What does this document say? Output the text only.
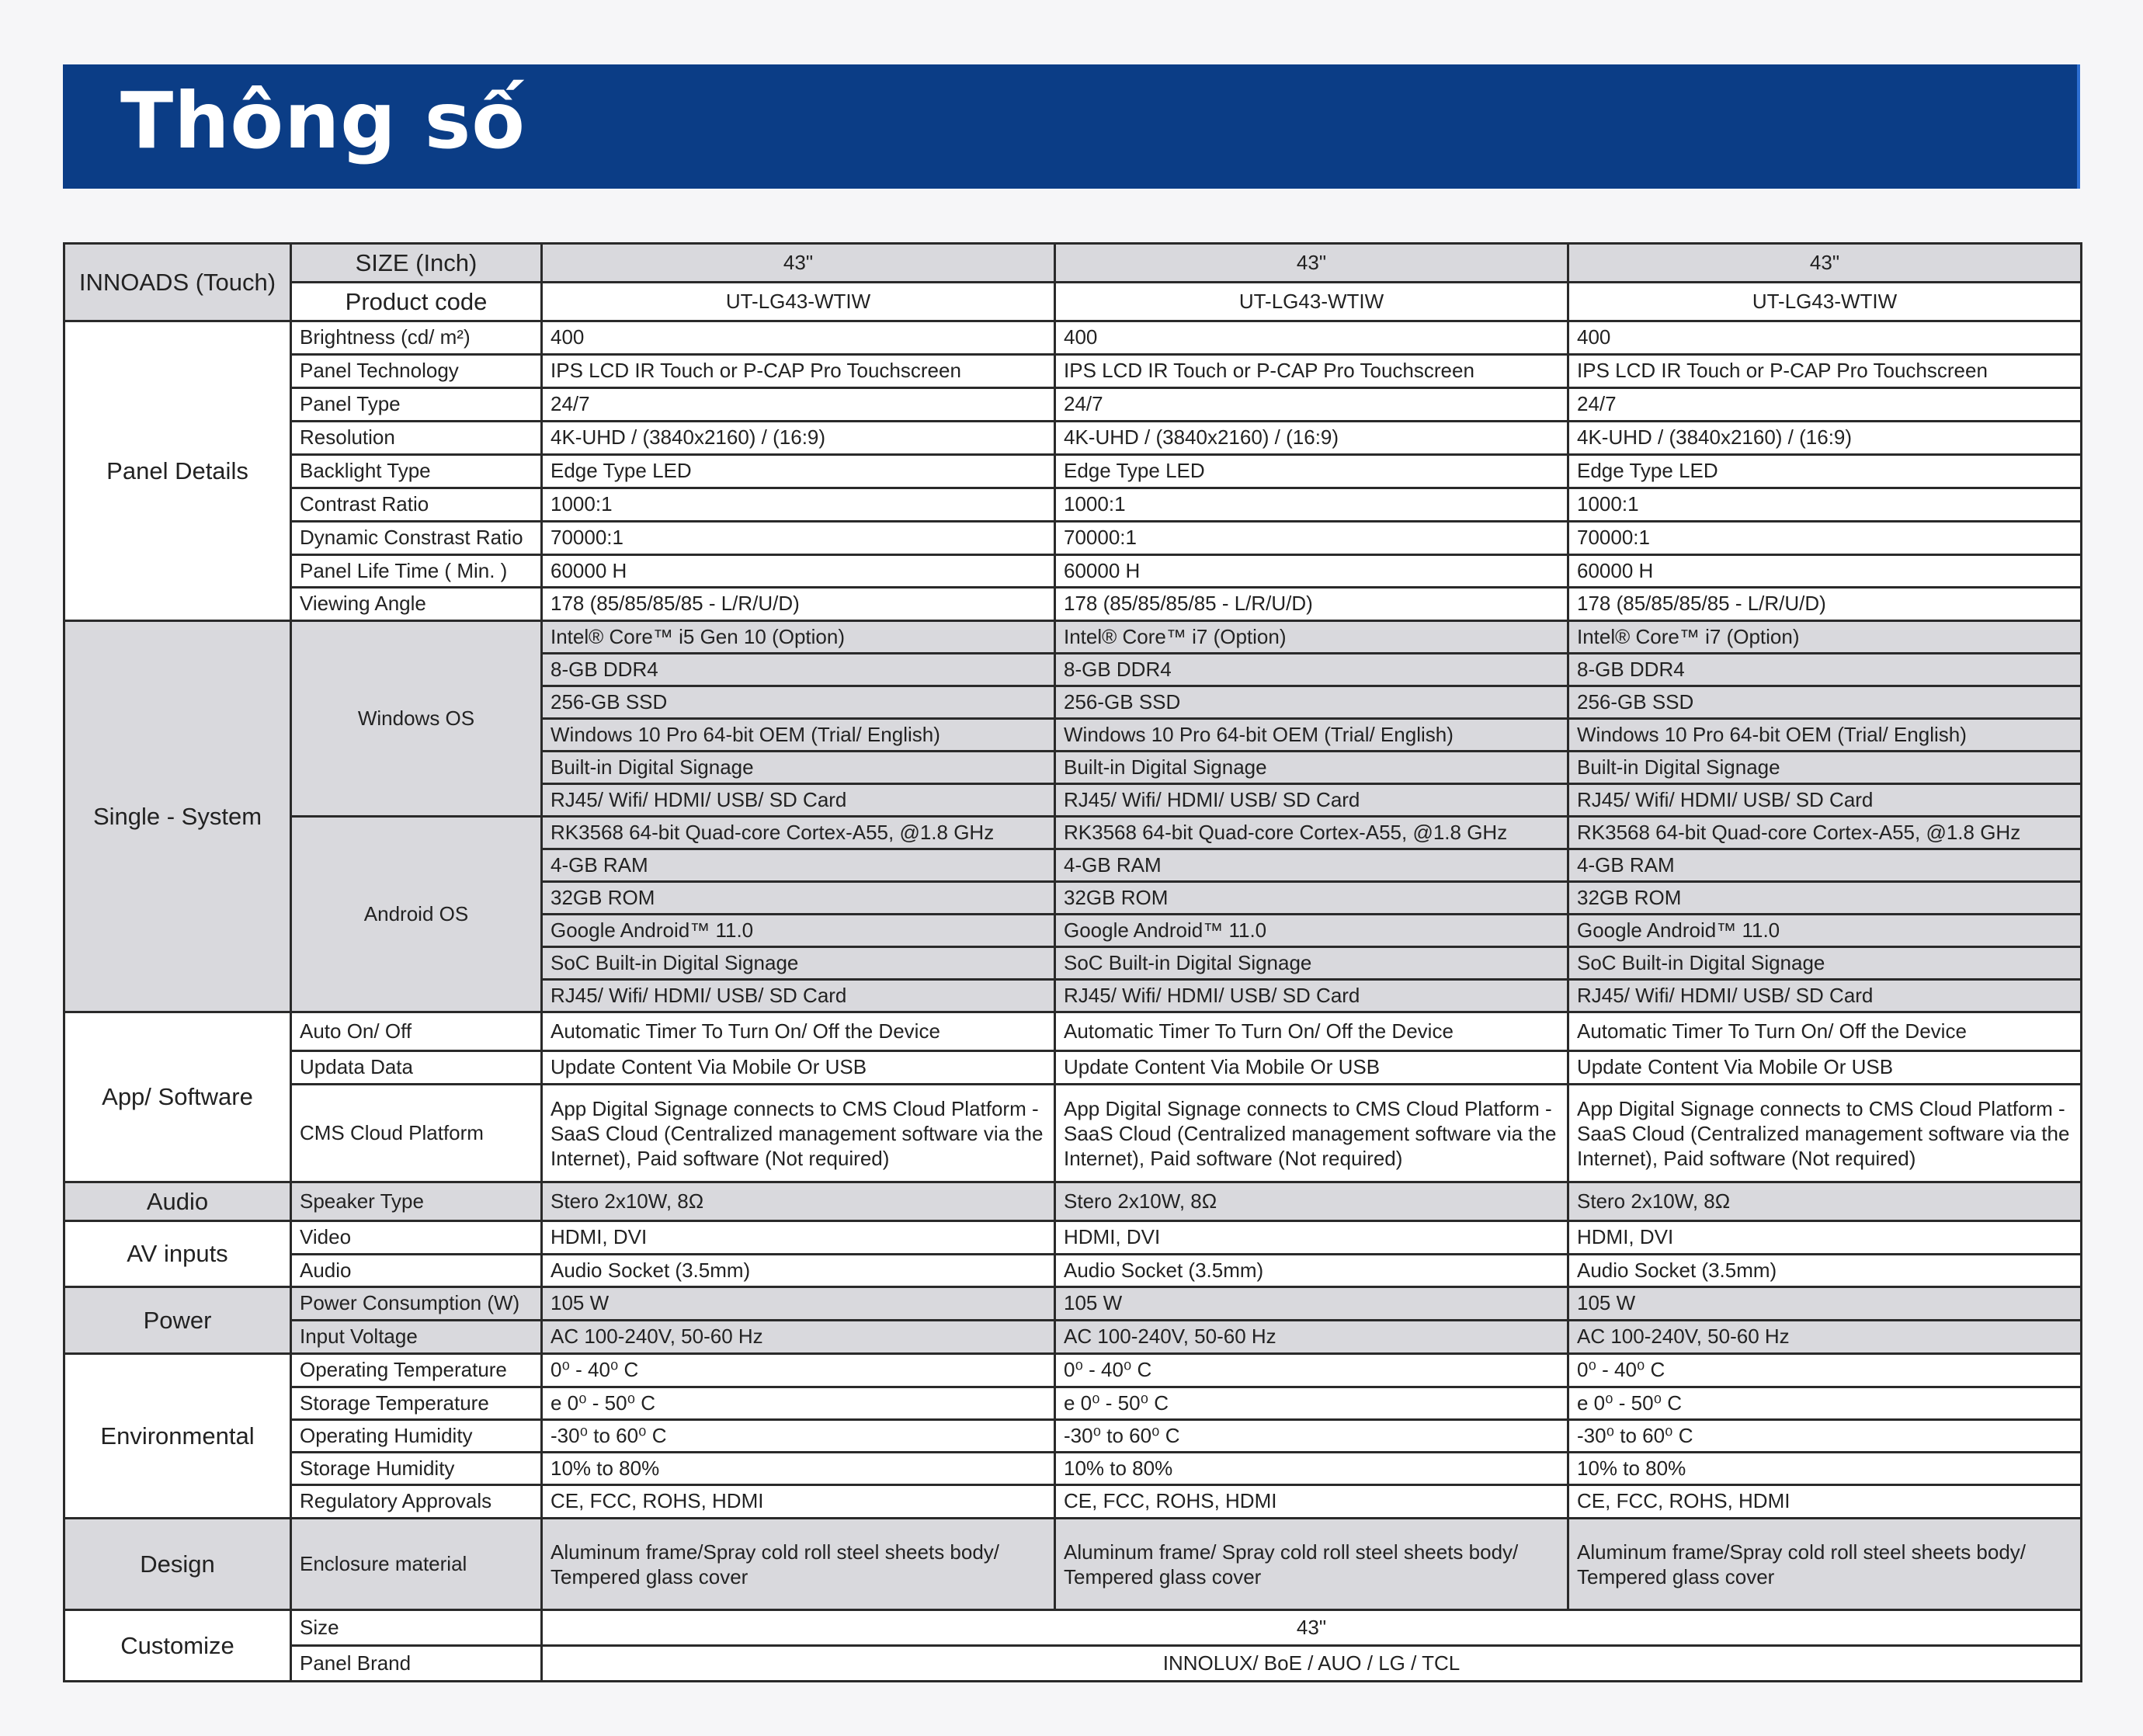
Thông số
INNOADS (Touch)	SIZE (Inch)	43"	43"	43"
	Product code	UT-LG43-WTIW	UT-LG43-WTIW	UT-LG43-WTIW
Panel Details	Brightness (cd/ m²)	400	400	400
	Panel Technology	IPS LCD IR Touch or P-CAP Pro Touchscreen	IPS LCD IR Touch or P-CAP Pro Touchscreen	IPS LCD IR Touch or P-CAP Pro Touchscreen
	Panel Type	24/7	24/7	24/7
	Resolution	4K-UHD / (3840x2160) / (16:9)	4K-UHD / (3840x2160) / (16:9)	4K-UHD / (3840x2160) / (16:9)
	Backlight Type	Edge Type LED	Edge Type LED	Edge Type LED
	Contrast Ratio	1000:1	1000:1	1000:1
	Dynamic Constrast Ratio	70000:1	70000:1	70000:1
	Panel Life Time ( Min. )	60000 H	60000 H	60000 H
	Viewing Angle	178 (85/85/85/85 - L/R/U/D)	178 (85/85/85/85 - L/R/U/D)	178 (85/85/85/85 - L/R/U/D)
Single - System	Windows OS	Intel® Core™ i5 Gen 10 (Option)	Intel® Core™ i7 (Option)	Intel® Core™ i7 (Option)
		8-GB DDR4	8-GB DDR4	8-GB DDR4
		256-GB SSD	256-GB SSD	256-GB SSD
		Windows 10 Pro 64-bit OEM (Trial/ English)	Windows 10 Pro 64-bit OEM (Trial/ English)	Windows 10 Pro 64-bit OEM (Trial/ English)
		Built-in Digital Signage	Built-in Digital Signage	Built-in Digital Signage
		RJ45/ Wifi/ HDMI/ USB/ SD Card	RJ45/ Wifi/ HDMI/ USB/ SD Card	RJ45/ Wifi/ HDMI/ USB/ SD Card
	Android OS	RK3568 64-bit Quad-core Cortex-A55, @1.8 GHz	RK3568 64-bit Quad-core Cortex-A55, @1.8 GHz	RK3568 64-bit Quad-core Cortex-A55, @1.8 GHz
		4-GB RAM	4-GB RAM	4-GB RAM
		32GB ROM	32GB ROM	32GB ROM
		Google Android™ 11.0	Google Android™ 11.0	Google Android™ 11.0
		SoC Built-in Digital Signage	SoC Built-in Digital Signage	SoC Built-in Digital Signage
		RJ45/ Wifi/ HDMI/ USB/ SD Card	RJ45/ Wifi/ HDMI/ USB/ SD Card	RJ45/ Wifi/ HDMI/ USB/ SD Card
App/ Software	Auto On/ Off	Automatic Timer To Turn On/ Off the Device	Automatic Timer To Turn On/ Off the Device	Automatic Timer To Turn On/ Off the Device
	Updata Data	Update Content Via Mobile Or USB	Update Content Via Mobile Or USB	Update Content Via Mobile Or USB
	CMS Cloud Platform	App Digital Signage connects to CMS Cloud Platform - SaaS Cloud (Centralized management software via the Internet), Paid software (Not required)	App Digital Signage connects to CMS Cloud Platform - SaaS Cloud (Centralized management software via the Internet), Paid software (Not required)	App Digital Signage connects to CMS Cloud Platform - SaaS Cloud (Centralized management software via the Internet), Paid software (Not required)
Audio	Speaker Type	Stero 2x10W, 8Ω	Stero 2x10W, 8Ω	Stero 2x10W, 8Ω
AV inputs	Video	HDMI, DVI	HDMI, DVI	HDMI, DVI
	Audio	Audio Socket (3.5mm)	Audio Socket (3.5mm)	Audio Socket (3.5mm)
Power	Power Consumption (W)	105 W	105 W	105 W
	Input Voltage	AC 100-240V, 50-60 Hz	AC 100-240V, 50-60 Hz	AC 100-240V, 50-60 Hz
Environmental	Operating Temperature	0⁰ - 40⁰ C	0⁰ - 40⁰ C	0⁰ - 40⁰ C
	Storage Temperature	e 0⁰ - 50⁰ C	e 0⁰ - 50⁰ C	e 0⁰ - 50⁰ C
	Operating Humidity	-30⁰ to 60⁰ C	-30⁰ to 60⁰ C	-30⁰ to 60⁰ C
	Storage Humidity	10% to 80%	10% to 80%	10% to 80%
	Regulatory Approvals	CE, FCC, ROHS, HDMI	CE, FCC, ROHS, HDMI	CE, FCC, ROHS, HDMI
Design	Enclosure material	Aluminum frame/Spray cold roll steel sheets body/ Tempered glass cover	Aluminum frame/ Spray cold roll steel sheets body/ Tempered glass cover	Aluminum frame/Spray cold roll steel sheets body/ Tempered glass cover
Customize	Size	43"		
	Panel Brand	INNOLUX/ BoE / AUO / LG / TCL		
